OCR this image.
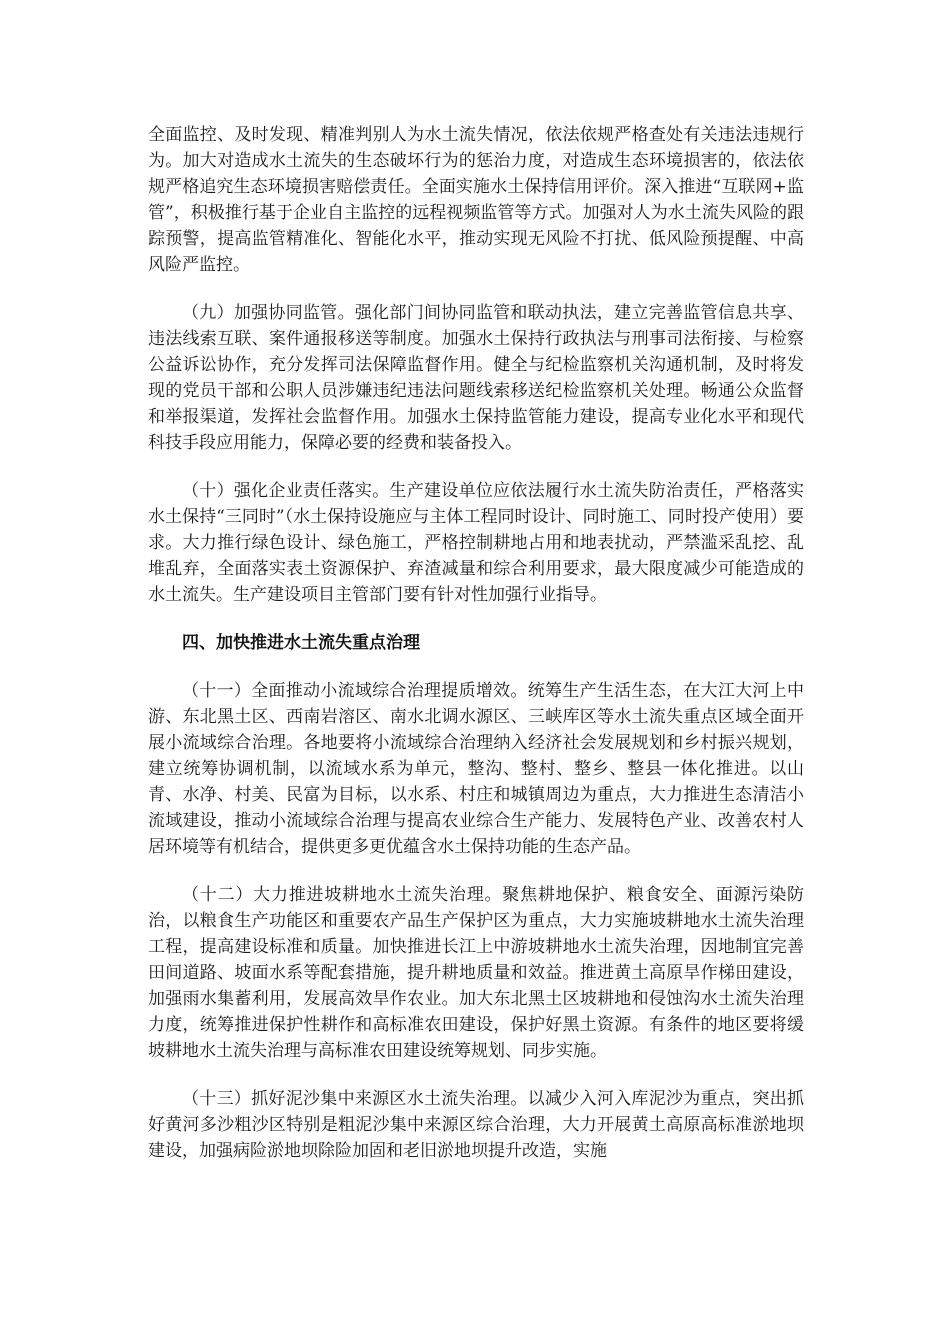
全面监控、及时发现、精准判别人为水土流失情况，依法依规严格查处有关违法违规行为。加大对造成水土流失的生态破坏行为的惩治力度，对造成生态环境损害的，依法依规严格追究生态环境损害赔偿责任。全面实施水土保持信用评价。深入推进“互联网+监管”，积极推行基于企业自主监控的远程视频监管等方式。加强对人为水土流失风险的跟踪预警，提高监管精准化、智能化水平，推动实现无风险不打扰、低风险预提醒、中高风险严监控。

（九）加强协同监管。强化部门间协同监管和联动执法，建立完善监管信息共享、违法线索互联、案件通报移送等制度。加强水土保持行政执法与刑事司法衔接、与检察公益诉讼协作，充分发挥司法保障监督作用。健全与纪检监察机关沟通机制，及时将发现的党员干部和公职人员涉嫌违纪违法问题线索移送纪检监察机关处理。畅通公众监督和举报渠道，发挥社会监督作用。加强水土保持监管能力建设，提高专业化水平和现代科技手段应用能力，保障必要的经费和装备投入。

（十）强化企业责任落实。生产建设单位应依法履行水土流失防治责任，严格落实水土保持“三同时”（水土保持设施应与主体工程同时设计、同时施工、同时投产使用）要求。大力推行绿色设计、绿色施工，严格控制耕地占用和地表扰动，严禁滥采乱挖、乱堆乱弃，全面落实表土资源保护、弃渣减量和综合利用要求，最大限度减少可能造成的水土流失。生产建设项目主管部门要有针对性加强行业指导。

四、加快推进水土流失重点治理

（十一）全面推动小流域综合治理提质增效。统筹生产生活生态，在大江大河上中游、东北黑土区、西南岩溶区、南水北调水源区、三峡库区等水土流失重点区域全面开展小流域综合治理。各地要将小流域综合治理纳入经济社会发展规划和乡村振兴规划，建立统筹协调机制，以流域水系为单元，整沟、整村、整乡、整县一体化推进。以山青、水净、村美、民富为目标，以水系、村庄和城镇周边为重点，大力推进生态清洁小流域建设，推动小流域综合治理与提高农业综合生产能力、发展特色产业、改善农村人居环境等有机结合，提供更多更优蕴含水土保持功能的生态产品。

（十二）大力推进坡耕地水土流失治理。聚焦耕地保护、粮食安全、面源污染防治，以粮食生产功能区和重要农产品生产保护区为重点，大力实施坡耕地水土流失治理工程，提高建设标准和质量。加快推进长江上中游坡耕地水土流失治理，因地制宜完善田间道路、坡面水系等配套措施，提升耕地质量和效益。推进黄土高原旱作梯田建设，加强雨水集蓄利用，发展高效旱作农业。加大东北黑土区坡耕地和侵蚀沟水土流失治理力度，统筹推进保护性耕作和高标准农田建设，保护好黑土资源。有条件的地区要将缓坡耕地水土流失治理与高标准农田建设统筹规划、同步实施。

（十三）抓好泥沙集中来源区水土流失治理。以减少入河入库泥沙为重点，突出抓好黄河多沙粗沙区特别是粗泥沙集中来源区综合治理，大力开展黄土高原高标准淤地坝建设，加强病险淤地坝除险加固和老旧淤地坝提升改造，实施
